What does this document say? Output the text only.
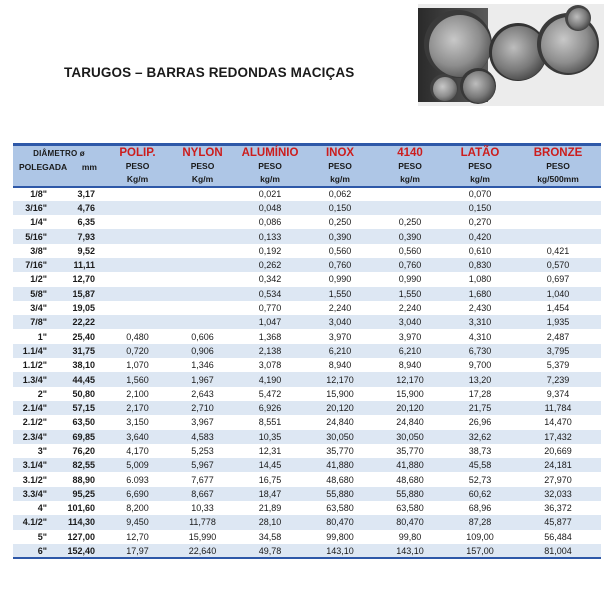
TARUGOS – BARRAS REDONDAS MACIÇAS
DIÂMETRO ø		POLIP.	NYLON	ALUMÍNIO	INOX	4140	LATÃO	BRONZE
POLEGADA	mm	PESO	PESO	PESO	PESO	PESO	PESO	PESO
		Kg/m	Kg/m	kg/m	kg/m	kg/m	kg/m	kg/500mm
1/8"	3,17			0,021	0,062		0,070	
3/16"	4,76			0,048	0,150		0,150	
1/4"	6,35			0,086	0,250	0,250	0,270	
5/16"	7,93			0,133	0,390	0,390	0,420	
3/8"	9,52			0,192	0,560	0,560	0,610	0,421
7/16"	11,11			0,262	0,760	0,760	0,830	0,570
1/2"	12,70			0,342	0,990	0,990	1,080	0,697
5/8"	15,87			0,534	1,550	1,550	1,680	1,040
3/4"	19,05			0,770	2,240	2,240	2,430	1,454
7/8"	22,22			1,047	3,040	3,040	3,310	1,935
1"	25,40	0,480	0,606	1,368	3,970	3,970	4,310	2,487
1.1/4"	31,75	0,720	0,906	2,138	6,210	6,210	6,730	3,795
1.1/2"	38,10	1,070	1,346	3,078	8,940	8,940	9,700	5,379
1.3/4"	44,45	1,560	1,967	4,190	12,170	12,170	13,20	7,239
2"	50,80	2,100	2,643	5,472	15,900	15,900	17,28	9,374
2.1/4"	57,15	2,170	2,710	6,926	20,120	20,120	21,75	11,784
2.1/2"	63,50	3,150	3,967	8,551	24,840	24,840	26,96	14,470
2.3/4"	69,85	3,640	4,583	10,35	30,050	30,050	32,62	17,432
3"	76,20	4,170	5,253	12,31	35,770	35,770	38,73	20,669
3.1/4"	82,55	5,009	5,967	14,45	41,880	41,880	45,58	24,181
3.1/2"	88,90	6.093	7,677	16,75	48,680	48,680	52,73	27,970
3.3/4"	95,25	6,690	8,667	18,47	55,880	55,880	60,62	32,033
4"	101,60	8,200	10,33	21,89	63,580	63,580	68,96	36,372
4.1/2"	114,30	9,450	11,778	28,10	80,470	80,470	87,28	45,877
5"	127,00	12,70	15,990	34,58	99,800	99,80	109,00	56,484
6"	152,40	17,97	22,640	49,78	143,10	143,10	157,00	81,004
